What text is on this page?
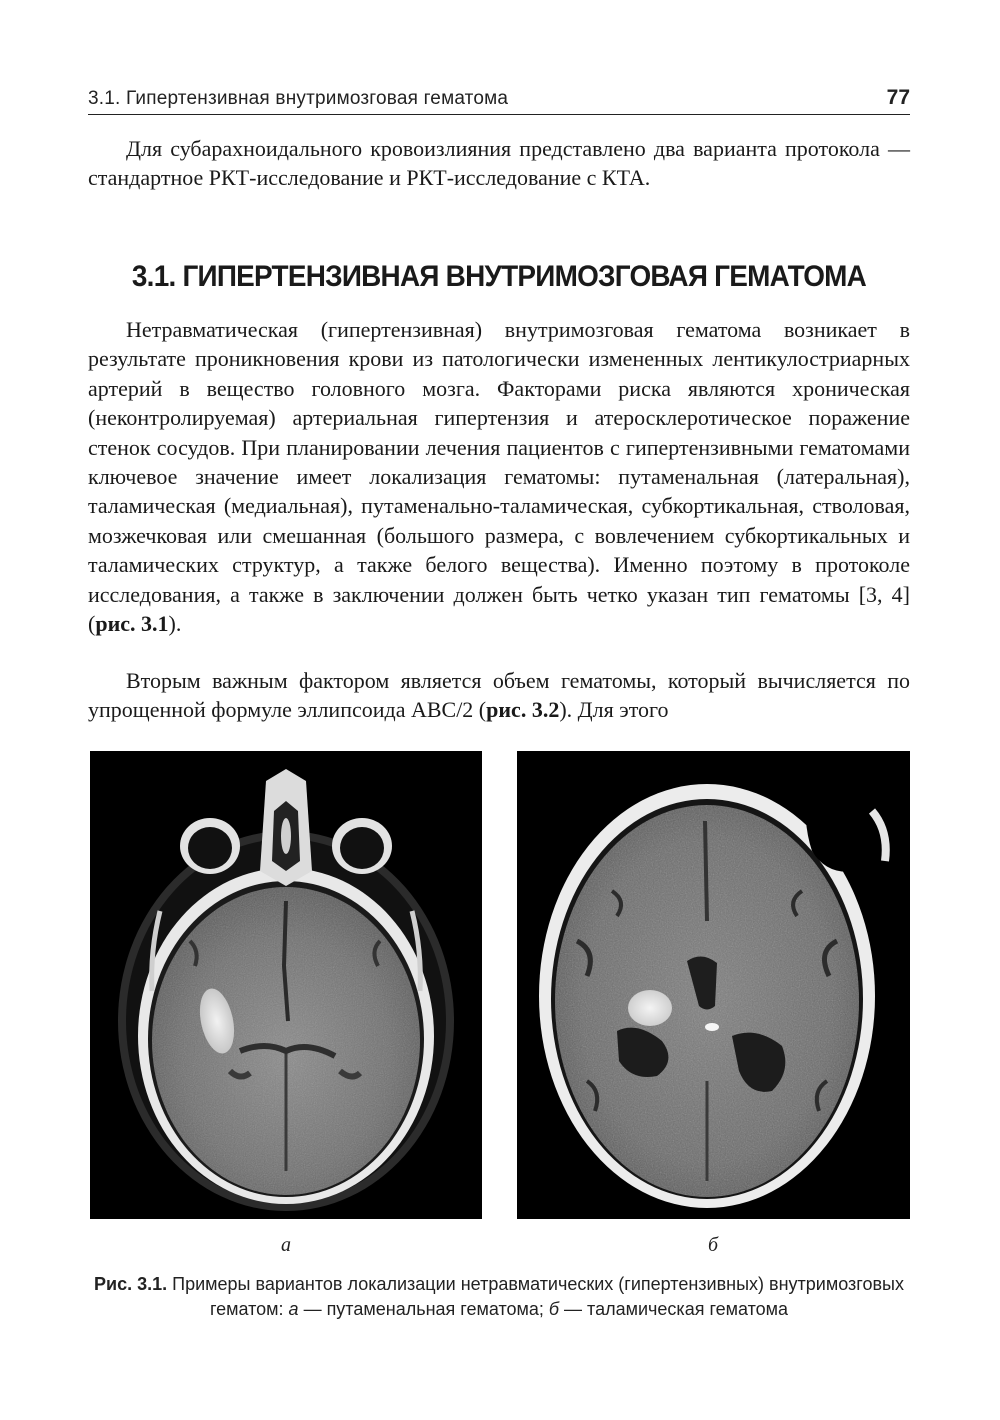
3.1. Гипертензивная внутримозговая гематома	77

Для субарахноидального кровоизлияния представлено два варианта протокола — стандартное РКТ-исследование и РКТ-исследование с КТА.

3.1. ГИПЕРТЕНЗИВНАЯ ВНУТРИМОЗГОВАЯ ГЕМАТОМА

Нетравматическая (гипертензивная) внутримозговая гематома возникает в результате проникновения крови из патологически измененных лентикулостриарных артерий в вещество головного мозга. Факторами риска являются хроническая (неконтролируемая) артериальная гипертензия и атеросклеротическое поражение стенок сосудов. При планировании лечения пациентов с гипертензивными гематомами ключевое значение имеет локализация гематомы: путаменальная (латеральная), таламическая (медиальная), путаменально-таламическая, субкортикальная, стволовая, мозжечковая или смешанная (большого размера, с вовлечением субкортикальных и таламических структур, а также белого вещества). Именно поэтому в протоколе исследования, а также в заключении должен быть четко указан тип гематомы [3, 4] (рис. 3.1).

Вторым важным фактором является объем гематомы, который вычисляется по упрощенной формуле эллипсоида ABC/2 (рис. 3.2). Для этого

а	б

Рис. 3.1. Примеры вариантов локализации нетравматических (гипертензивных) внутримозговых гематом: а — путаменальная гематома; б — таламическая гематома
